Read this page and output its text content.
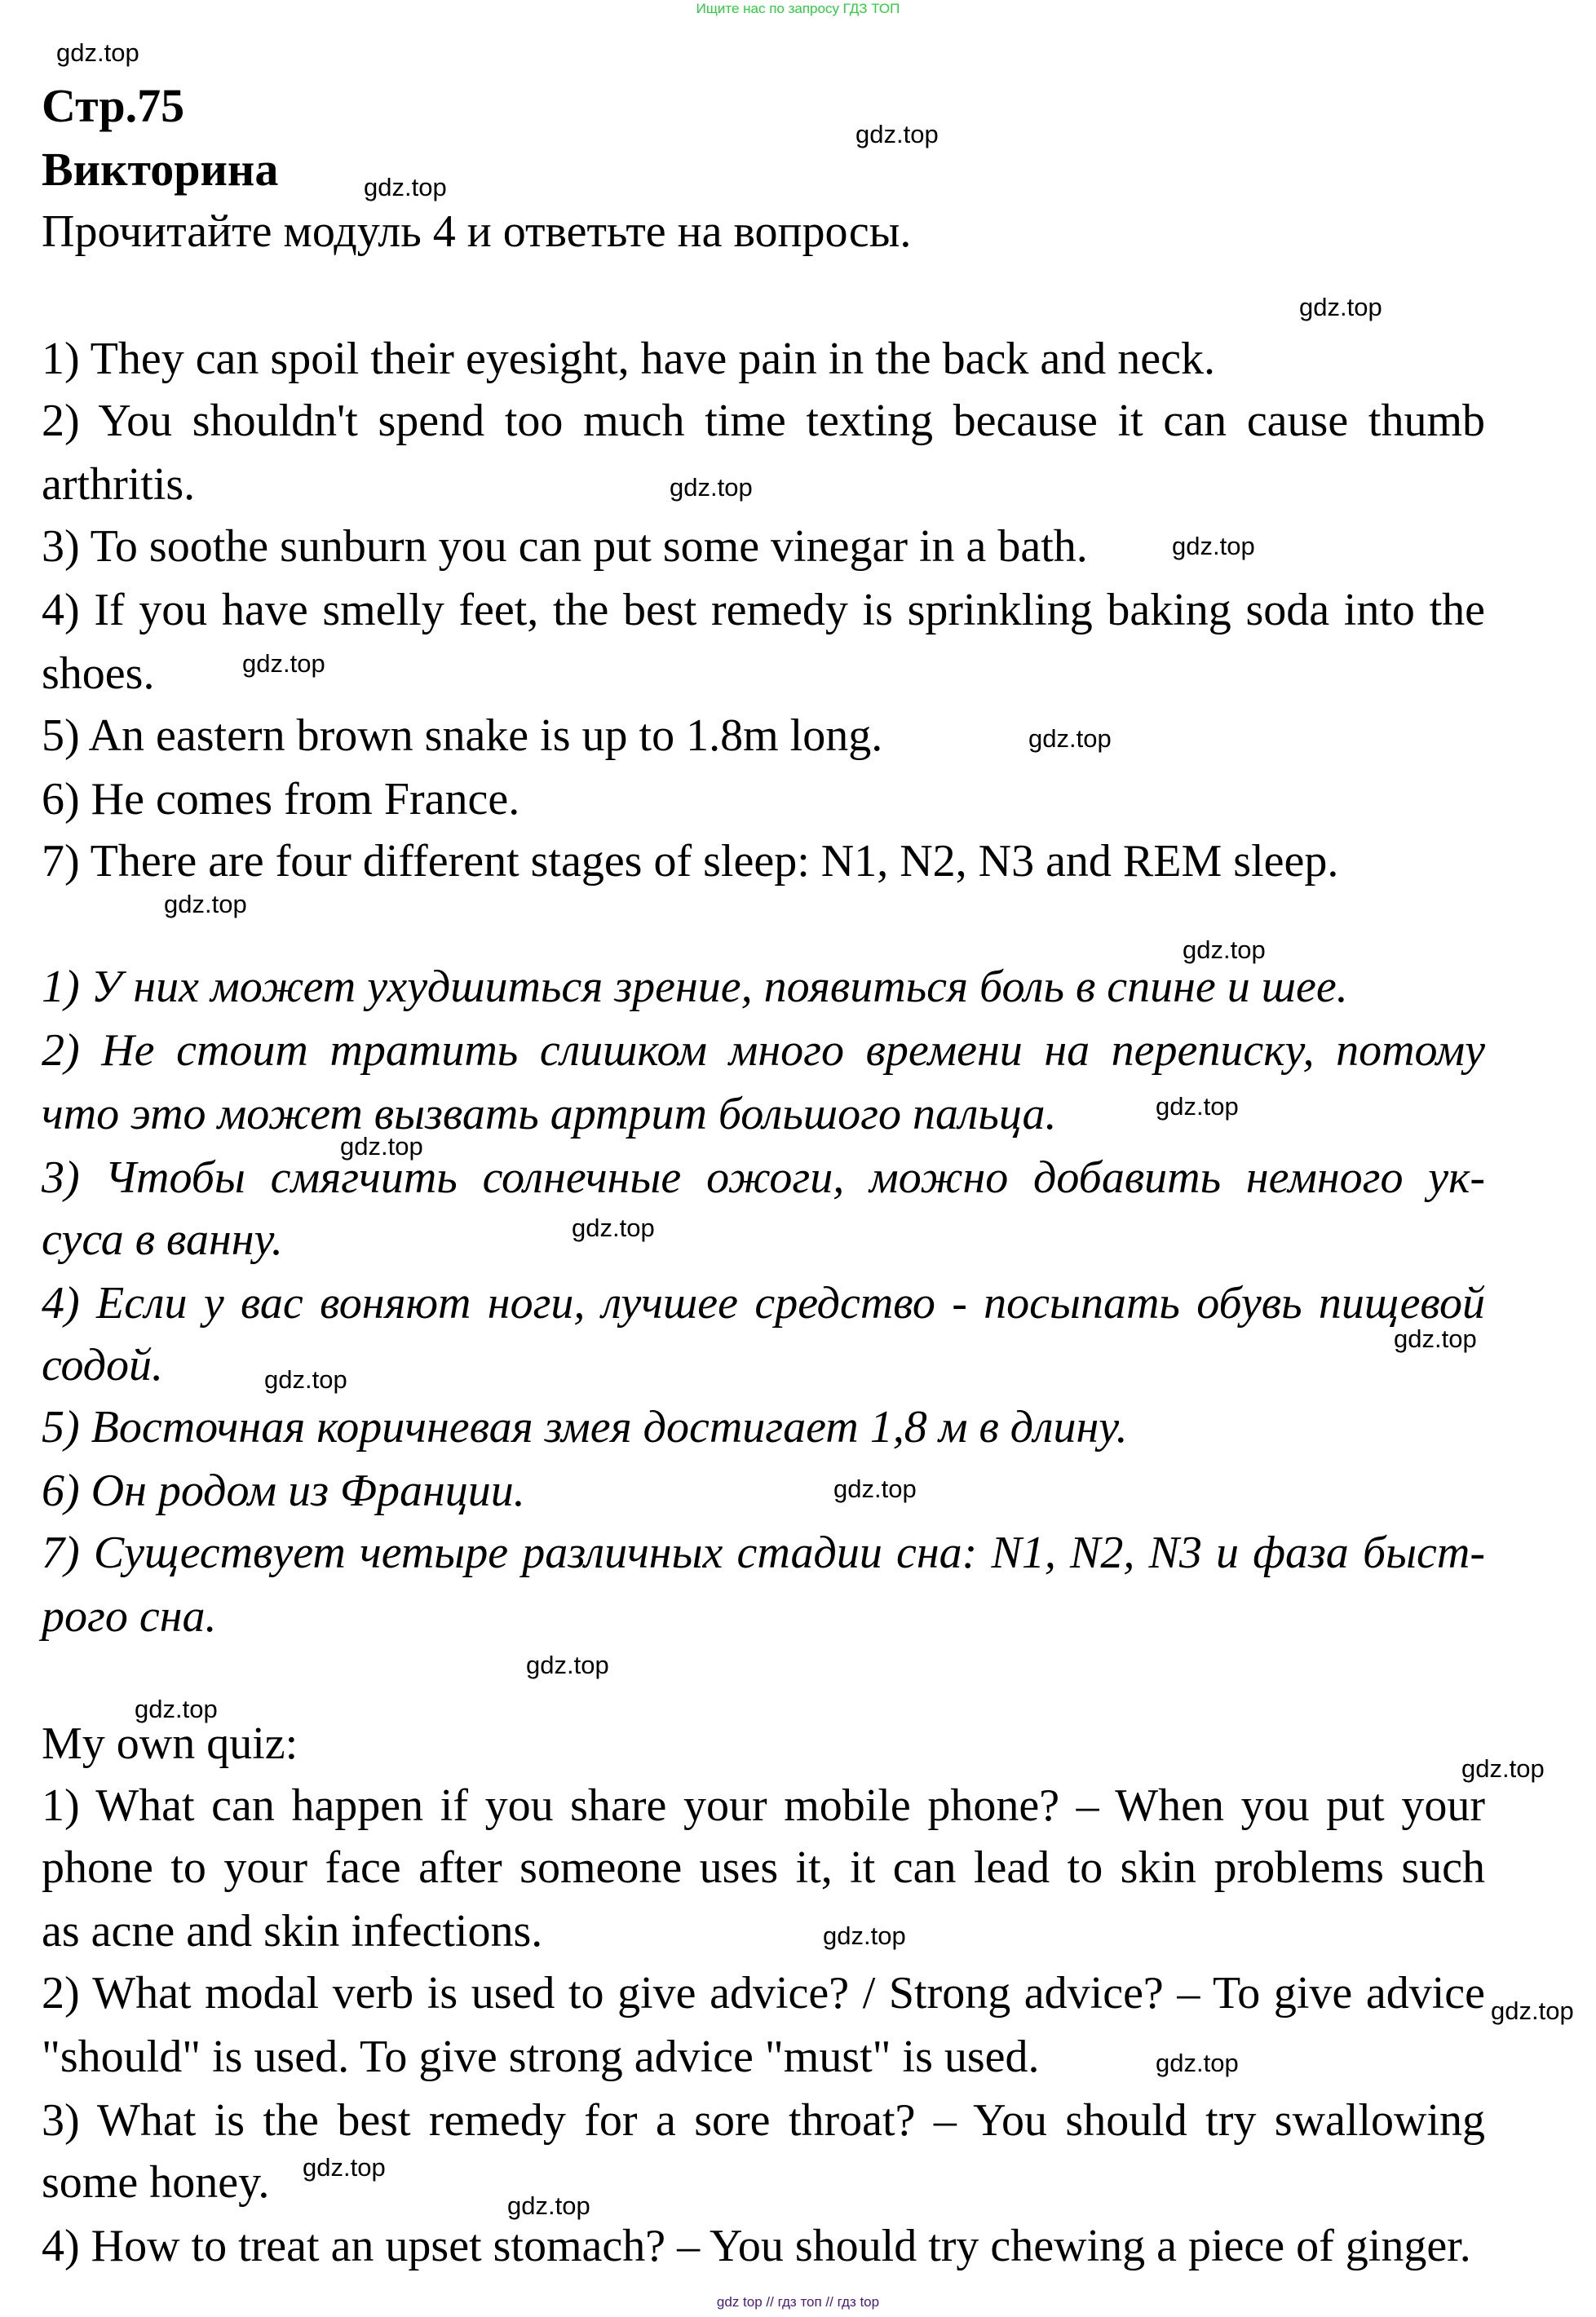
Ищите нас по запросу ГДЗ ТОП
gdz top // гдз топ // гдз top
Стр.75
Викторина
Прочитайте модуль 4 и ответьте на вопросы.
1) They can spoil their eyesight, have pain in the back and neck.
2) You shouldn't spend too much time texting because it can cause thumb
arthritis.
3) To soothe sunburn you can put some vinegar in a bath.
4) If you have smelly feet, the best remedy is sprinkling baking soda into the
shoes.
5) An eastern brown snake is up to 1.8m long.
6) He comes from France.
7) There are four different stages of sleep: N1, N2, N3 and REM sleep.
1) У них может ухудшиться зрение, появиться боль в спине и шее.
2) Не стоит тратить слишком много времени на переписку, потому
что это может вызвать артрит большого пальца.
3) Чтобы смягчить солнечные ожоги, можно добавить немного ук-
суса в ванну.
4) Если у вас воняют ноги, лучшее средство - посыпать обувь пищевой
содой.
5) Восточная коричневая змея достигает 1,8 м в длину.
6) Он родом из Франции.
7) Существует четыре различных стадии сна: N1, N2, N3 и фаза быст-
рого сна.
My own quiz:
1) What can happen if you share your mobile phone? – When you put your
phone to your face after someone uses it, it can lead to skin problems such
as acne and skin infections.
2) What modal verb is used to give advice? / Strong advice? – To give advice
"should" is used. To give strong advice "must" is used.
3) What is the best remedy for a sore throat? – You should try swallowing
some honey.
4) How to treat an upset stomach? – You should try chewing a piece of ginger.
gdz.top
gdz.top
gdz.top
gdz.top
gdz.top
gdz.top
gdz.top
gdz.top
gdz.top
gdz.top
gdz.top
gdz.top
gdz.top
gdz.top
gdz.top
gdz.top
gdz.top
gdz.top
gdz.top
gdz.top
gdz.top
gdz.top
gdz.top
gdz.top
